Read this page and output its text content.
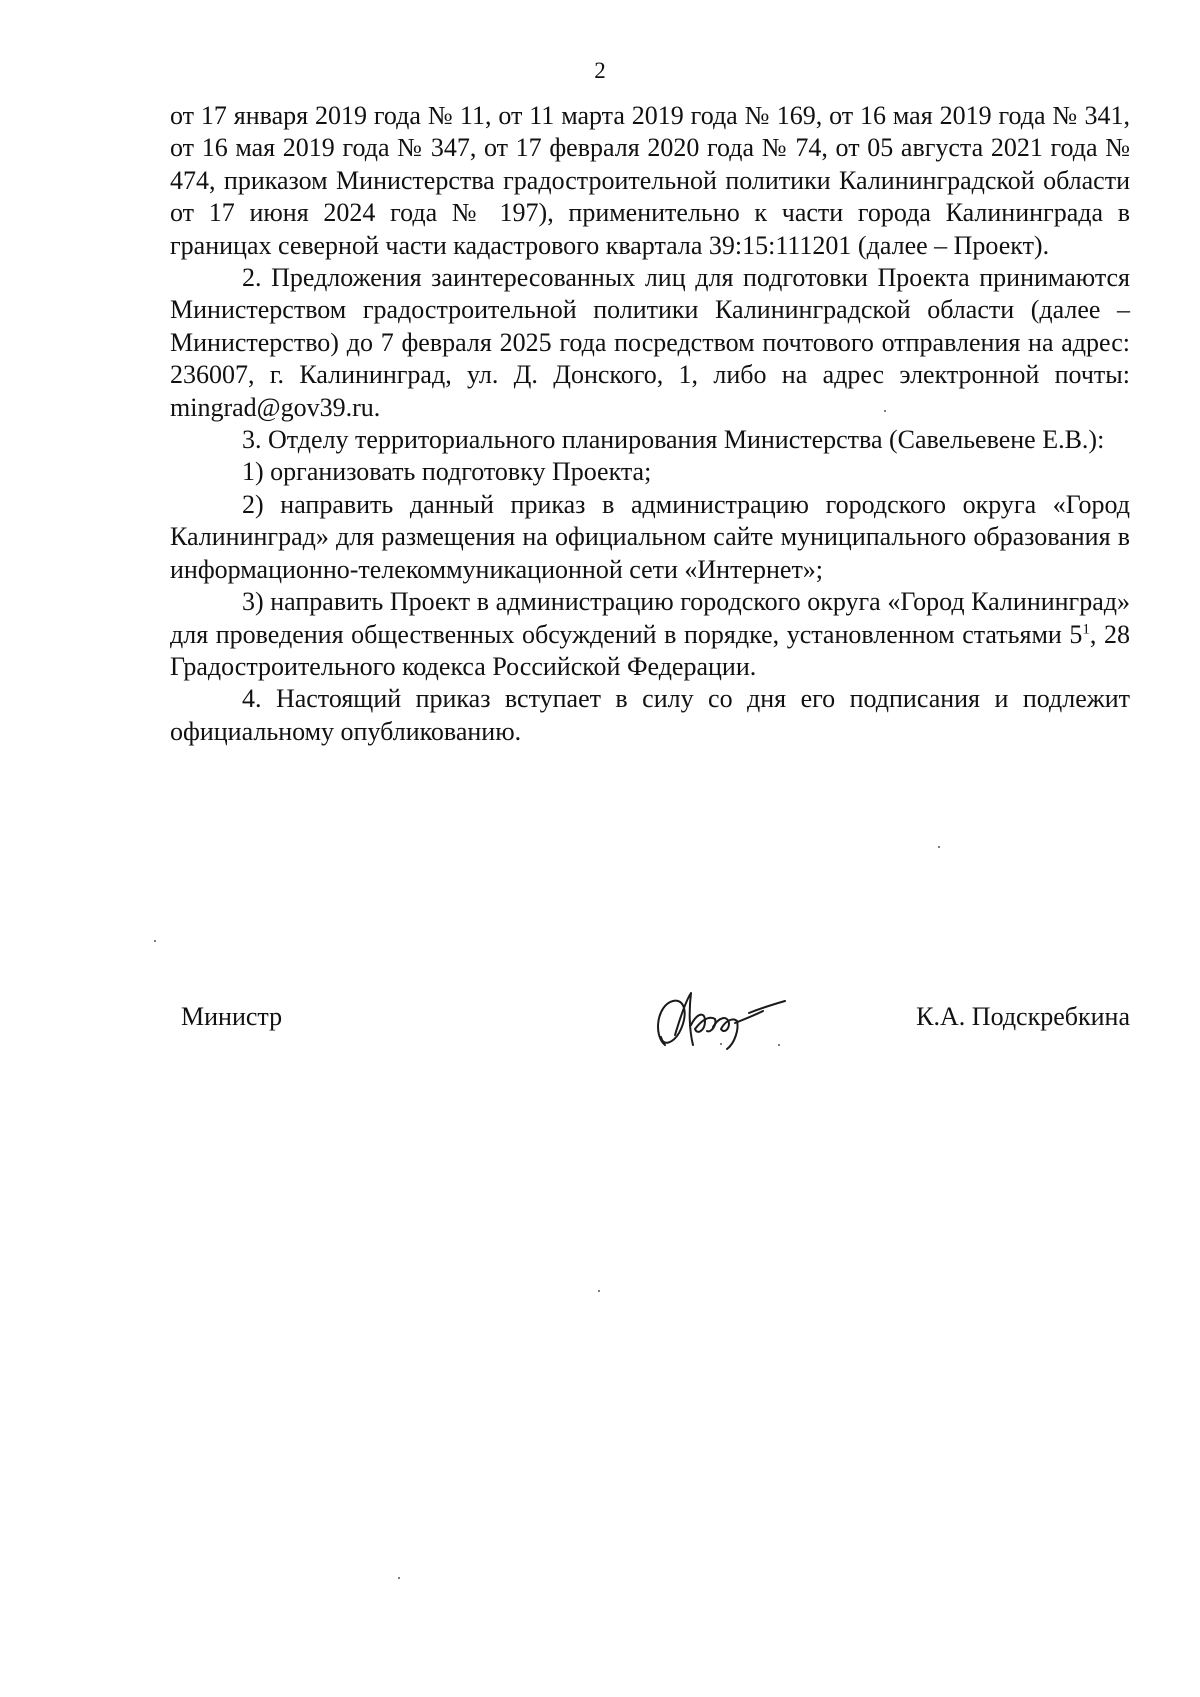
2

от 17 января 2019 года № 11, от 11 марта 2019 года № 169, от 16 мая 2019 года № 341, от 16 мая 2019 года № 347, от 17 февраля 2020 года № 74, от 05 августа 2021 года № 474, приказом Министерства градостроительной политики Калининградской области от 17 июня 2024 года № 197), применительно к части города Калининграда в границах северной части кадастрового квартала 39:15:111201 (далее – Проект).

2. Предложения заинтересованных лиц для подготовки Проекта принимаются Министерством градостроительной политики Калининградской области (далее – Министерство) до 7 февраля 2025 года посредством почтового отправления на адрес: 236007, г. Калининград, ул. Д. Донского, 1, либо на адрес электронной почты: mingrad@gov39.ru.

3. Отделу территориального планирования Министерства (Савельевене Е.В.):

1) организовать подготовку Проекта;

2) направить данный приказ в администрацию городского округа «Город Калининград» для размещения на официальном сайте муниципального образования в информационно-телекоммуникационной сети «Интернет»;

3) направить Проект в администрацию городского округа «Город Калининград» для проведения общественных обсуждений в порядке, установленном статьями $5^1$, 28 Градостроительного кодекса Российской Федерации.

4. Настоящий приказ вступает в силу со дня его подписания и подлежит официальному опубликованию.

Министр	К.А. Подскребкина
